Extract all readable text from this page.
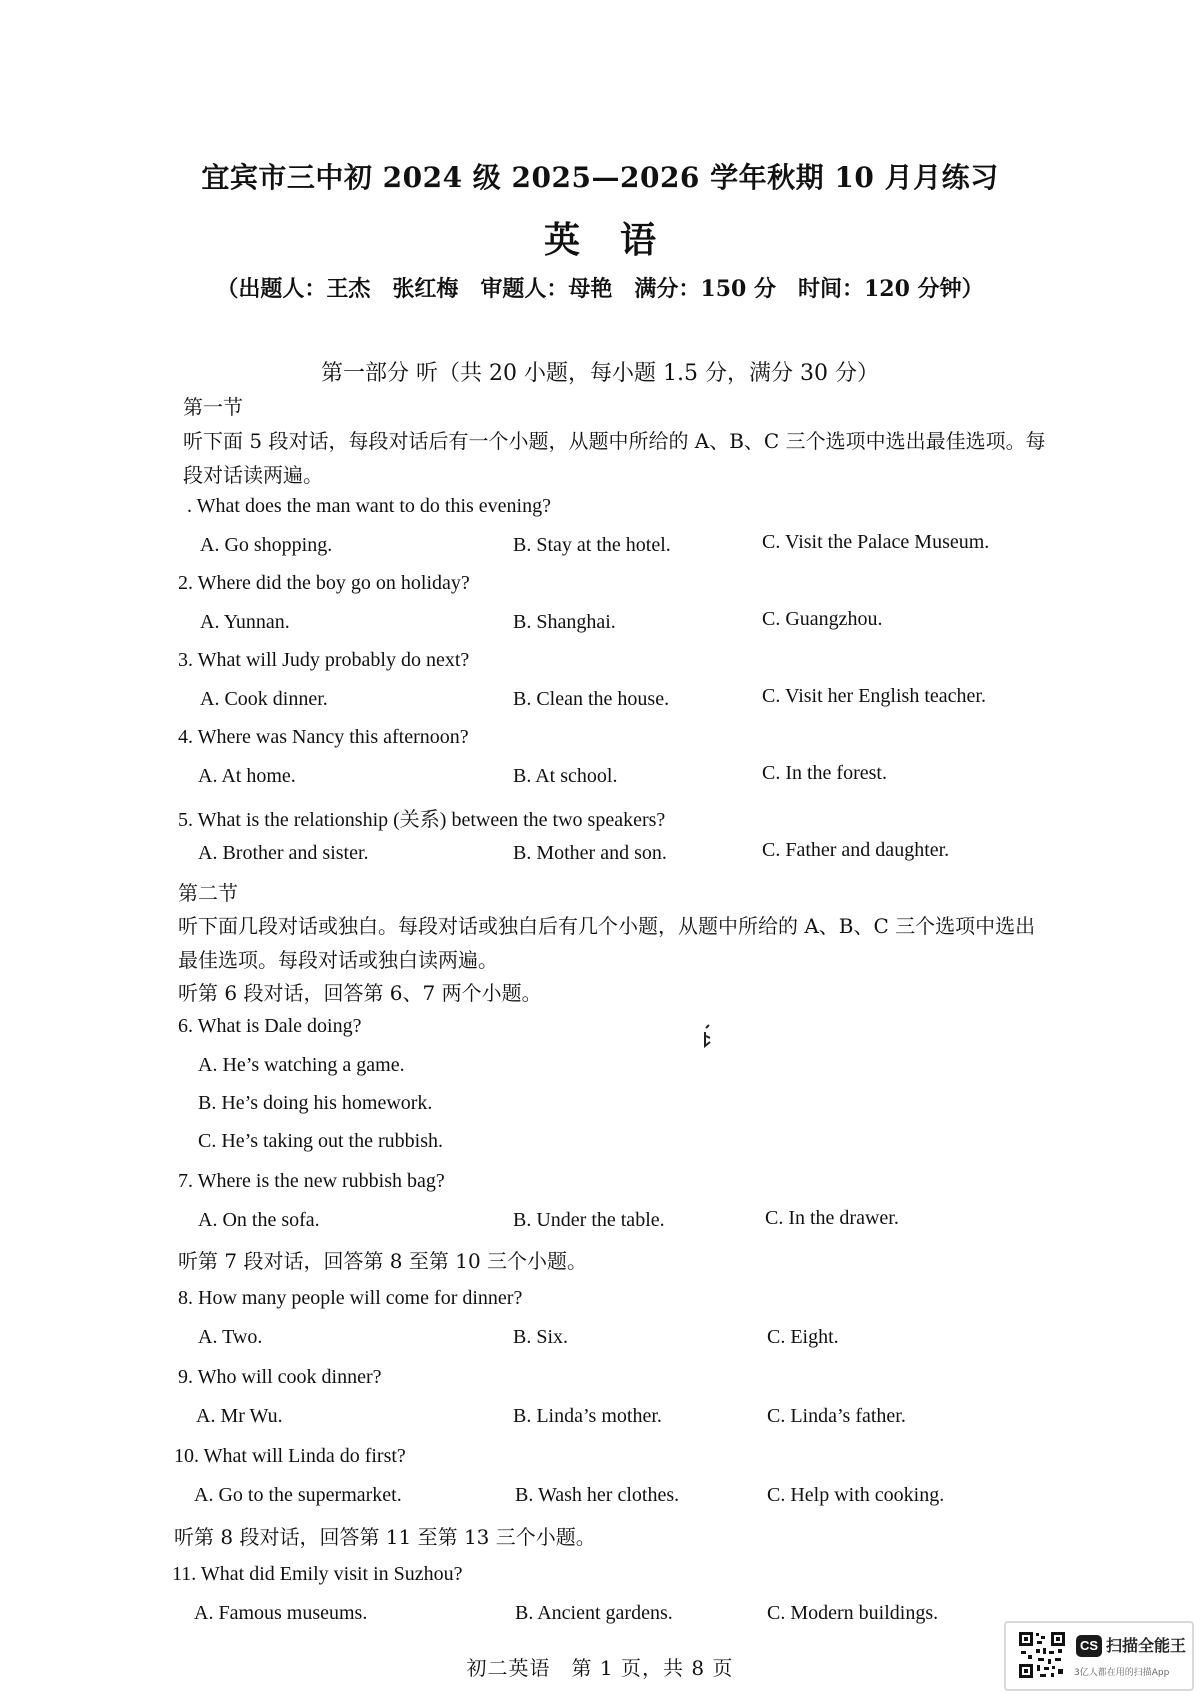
宜宾市三中初 2024 级 2025—2026 学年秋期 10 月月练习
英语
（出题人：王杰　张红梅　审题人：母艳　满分：150 分　时间：120 分钟）
第一部分 听（共 20 小题，每小题 1.5 分，满分 30 分）
第一节
听下面 5 段对话，每段对话后有一个小题，从题中所给的 A、B、C 三个选项中选出最佳选项。每
段对话读两遍。
. What does the man want to do this evening?
A. Go shopping.	B. Stay at the hotel.	C. Visit the Palace Museum.
2. Where did the boy go on holiday?
A. Yunnan.	B. Shanghai.	C. Guangzhou.
3. What will Judy probably do next?
A. Cook dinner.	B. Clean the house.	C. Visit her English teacher.
4. Where was Nancy this afternoon?
A. At home.	B. At school.	C. In the forest.
5. What is the relationship (关系) between the two speakers?
A. Brother and sister.	B. Mother and son.	C. Father and daughter.
第二节
听下面几段对话或独白。每段对话或独白后有几个小题，从题中所给的 A、B、C 三个选项中选出
最佳选项。每段对话或独白读两遍。
听第 6 段对话，回答第 6、7 两个小题。
6. What is Dale doing?
A. He’s watching a game.
B. He’s doing his homework.
C. He’s taking out the rubbish.
7. Where is the new rubbish bag?
A. On the sofa.	B. Under the table.	C. In the drawer.
听第 7 段对话，回答第 8 至第 10 三个小题。
8. How many people will come for dinner?
A. Two.	B. Six.	C. Eight.
9. Who will cook dinner?
A. Mr Wu.	B. Linda’s mother.	C. Linda’s father.
10. What will Linda do first?
A. Go to the supermarket.	B. Wash her clothes.	C. Help with cooking.
听第 8 段对话，回答第 11 至第 13 三个小题。
11. What did Emily visit in Suzhou?
A. Famous museums.	B. Ancient gardens.	C. Modern buildings.
初二英语　第 1 页，共 8 页
CS 扫描全能王
3亿人都在用的扫描App
